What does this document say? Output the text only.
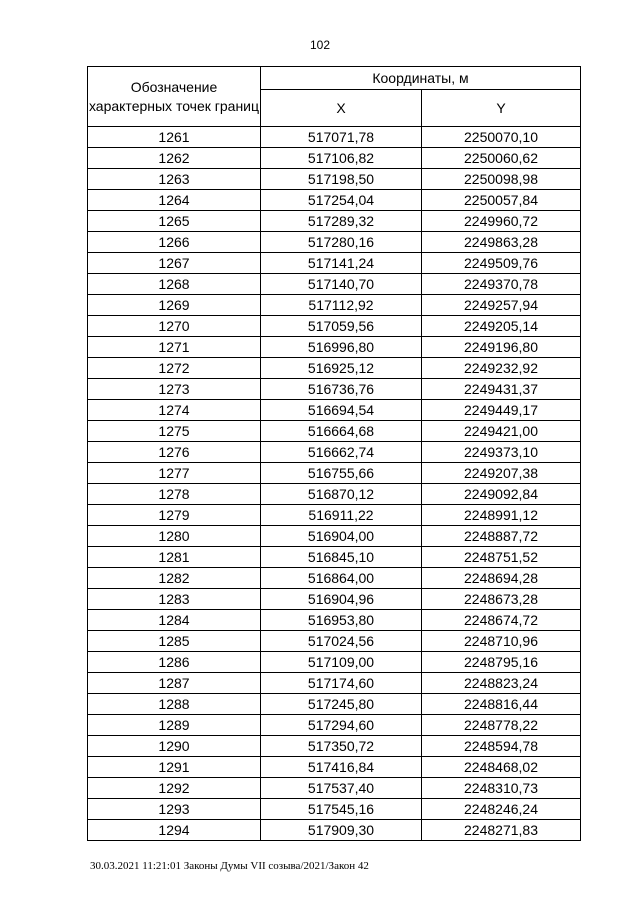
102
Обозначение характерных точек границ	Координаты, м	
	X	Y
1261	517071,78	2250070,10
1262	517106,82	2250060,62
1263	517198,50	2250098,98
1264	517254,04	2250057,84
1265	517289,32	2249960,72
1266	517280,16	2249863,28
1267	517141,24	2249509,76
1268	517140,70	2249370,78
1269	517112,92	2249257,94
1270	517059,56	2249205,14
1271	516996,80	2249196,80
1272	516925,12	2249232,92
1273	516736,76	2249431,37
1274	516694,54	2249449,17
1275	516664,68	2249421,00
1276	516662,74	2249373,10
1277	516755,66	2249207,38
1278	516870,12	2249092,84
1279	516911,22	2248991,12
1280	516904,00	2248887,72
1281	516845,10	2248751,52
1282	516864,00	2248694,28
1283	516904,96	2248673,28
1284	516953,80	2248674,72
1285	517024,56	2248710,96
1286	517109,00	2248795,16
1287	517174,60	2248823,24
1288	517245,80	2248816,44
1289	517294,60	2248778,22
1290	517350,72	2248594,78
1291	517416,84	2248468,02
1292	517537,40	2248310,73
1293	517545,16	2248246,24
1294	517909,30	2248271,83
30.03.2021 11:21:01 Законы Думы VII созыва/2021/Закон 42
